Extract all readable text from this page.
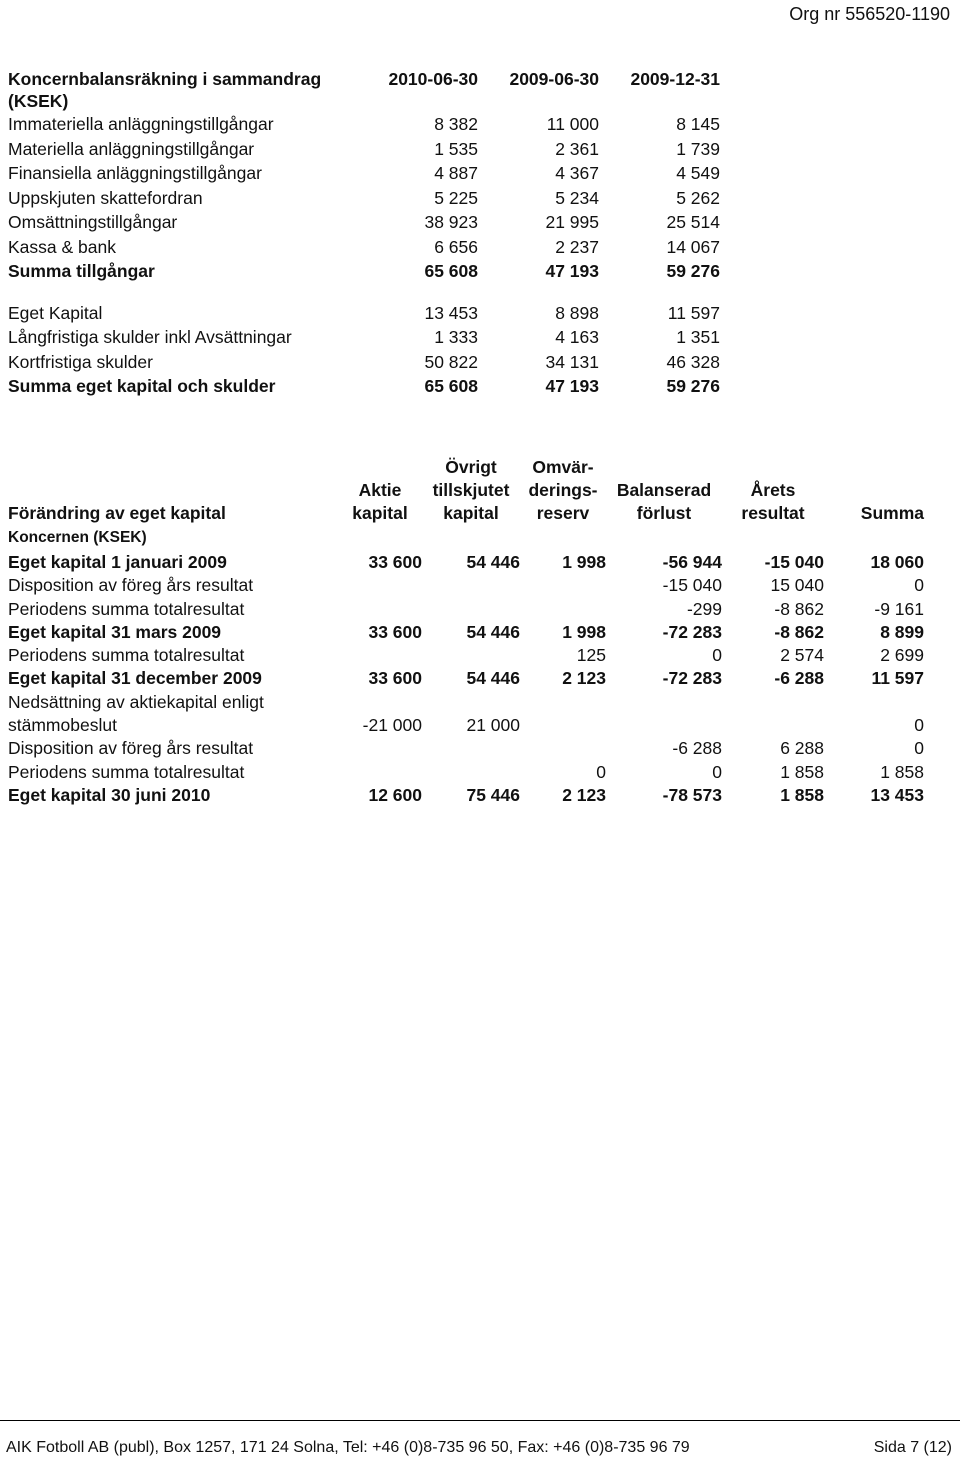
Org nr 556520-1190
Koncernbalansräkning i sammandrag (KSEK)	2010-06-30	2009-06-30	2009-12-31
Immateriella anläggningstillgångar	8 382	11 000	8 145
Materiella anläggningstillgångar	1 535	2 361	1 739
Finansiella anläggningstillgångar	4 887	4 367	4 549
Uppskjuten skattefordran	5 225	5 234	5 262
Omsättningstillgångar	38 923	21 995	25 514
Kassa & bank	6 656	2 237	14 067
Summa tillgångar	65 608	47 193	59 276

Eget Kapital	13 453	8 898	11 597
Långfristiga skulder inkl Avsättningar	1 333	4 163	1 351
Kortfristiga skulder	50 822	34 131	46 328
Summa eget kapital och skulder	65 608	47 193	59 276
Förändring av eget kapital	Aktie kapital	Övrigt tillskjutet kapital	Omvär- derings- reserv	Balanserad förlust	Årets resultat	Summa
Koncernen (KSEK)						
Eget kapital 1 januari 2009	33 600	54 446	1 998	-56 944	-15 040	18 060
Disposition av föreg års resultat				-15 040	15 040	0
Periodens summa totalresultat				-299	-8 862	-9 161
Eget kapital 31 mars 2009	33 600	54 446	1 998	-72 283	-8 862	8 899
Periodens summa totalresultat			125	0	2 574	2 699
Eget kapital 31 december 2009	33 600	54 446	2 123	-72 283	-6 288	11 597
Nedsättning av aktiekapital enligt						
stämmobeslut	-21 000	21 000				0
Disposition av föreg års resultat				-6 288	6 288	0
Periodens summa totalresultat			0	0	1 858	1 858
Eget kapital 30 juni 2010	12 600	75 446	2 123	-78 573	1 858	13 453
AIK Fotboll AB (publ), Box 1257, 171 24 Solna, Tel: +46 (0)8-735 96 50, Fax: +46 (0)8-735 96 79	Sida 7 (12)
